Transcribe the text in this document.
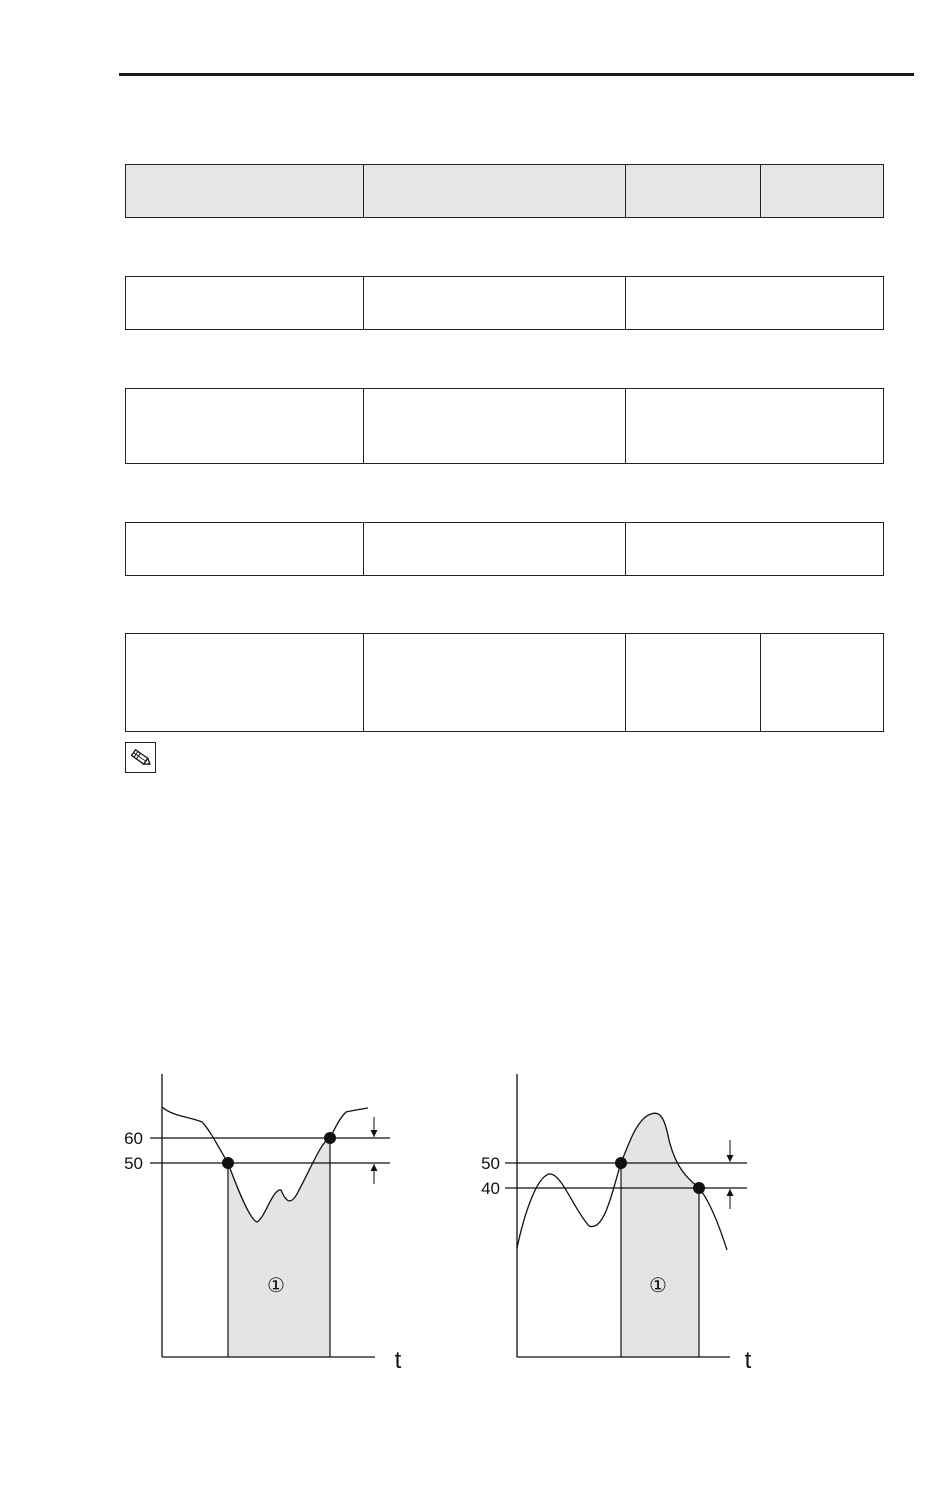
60
50
①
t
50
40
①
t
